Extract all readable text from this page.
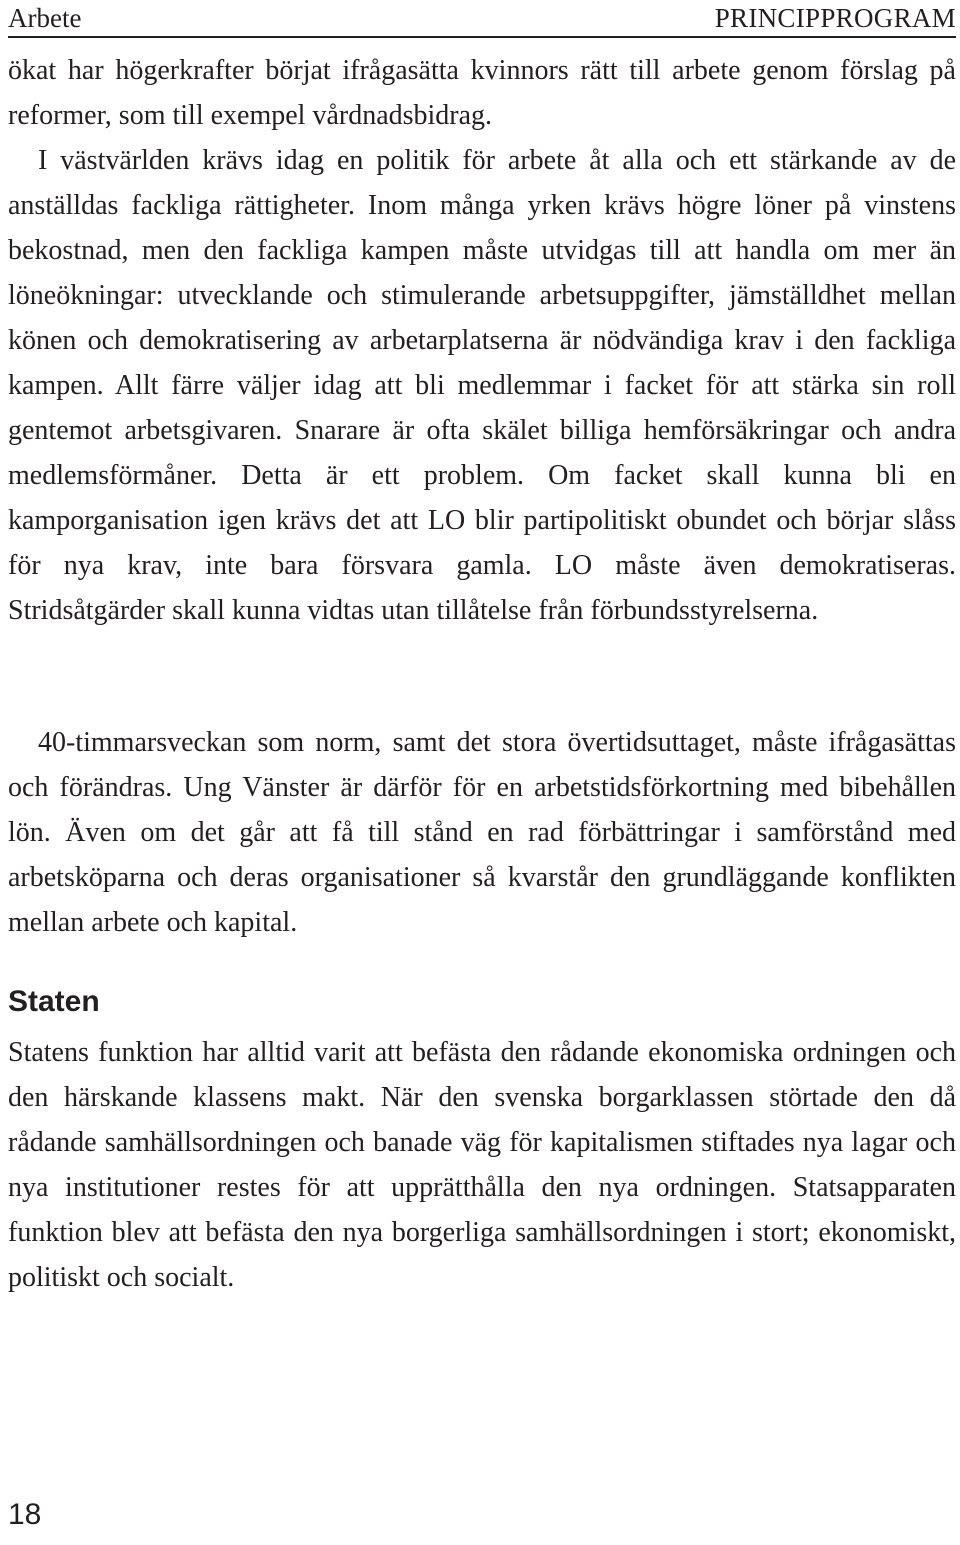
Arbete	PRINCIPPROGRAM

ökat har högerkrafter börjat ifrågasätta kvinnors rätt till arbete genom förslag på reformer, som till exempel vårdnadsbidrag.

I västvärlden krävs idag en politik för arbete åt alla och ett stärkande av de anställdas fackliga rättigheter. Inom många yrken krävs högre löner på vinstens bekostnad, men den fackliga kampen måste utvidgas till att handla om mer än löneökningar: utvecklande och stimulerande arbetsuppgifter, jämställdhet mellan könen och demokratisering av arbetarplatserna är nödvändiga krav i den fackliga kampen. Allt färre väljer idag att bli medlemmar i facket för att stärka sin roll gentemot arbetsgivaren. Snarare är ofta skälet billiga hemförsäkringar och andra medlemsförmåner. Detta är ett problem. Om facket skall kunna bli en kamporganisation igen krävs det att LO blir partipolitiskt obundet och börjar slåss för nya krav, inte bara försvara gamla. LO måste även demokratiseras. Stridsåtgärder skall kunna vidtas utan tillåtelse från förbundsstyrelserna.

40-timmarsveckan som norm, samt det stora övertidsuttaget, måste ifrågasättas och förändras. Ung Vänster är därför för en arbetstidsförkortning med bibehållen lön. Även om det går att få till stånd en rad förbättringar i samförstånd med arbetsköparna och deras organisationer så kvarstår den grundläggande konflikten mellan arbete och kapital.

Staten

Statens funktion har alltid varit att befästa den rådande ekonomiska ordningen och den härskande klassens makt. När den svenska borgarklassen störtade den då rådande samhällsordningen och banade väg för kapitalismen stiftades nya lagar och nya institutioner restes för att upprätthålla den nya ordningen. Statsapparaten funktion blev att befästa den nya borgerliga samhällsordningen i stort; ekonomiskt, politiskt och socialt.

18
